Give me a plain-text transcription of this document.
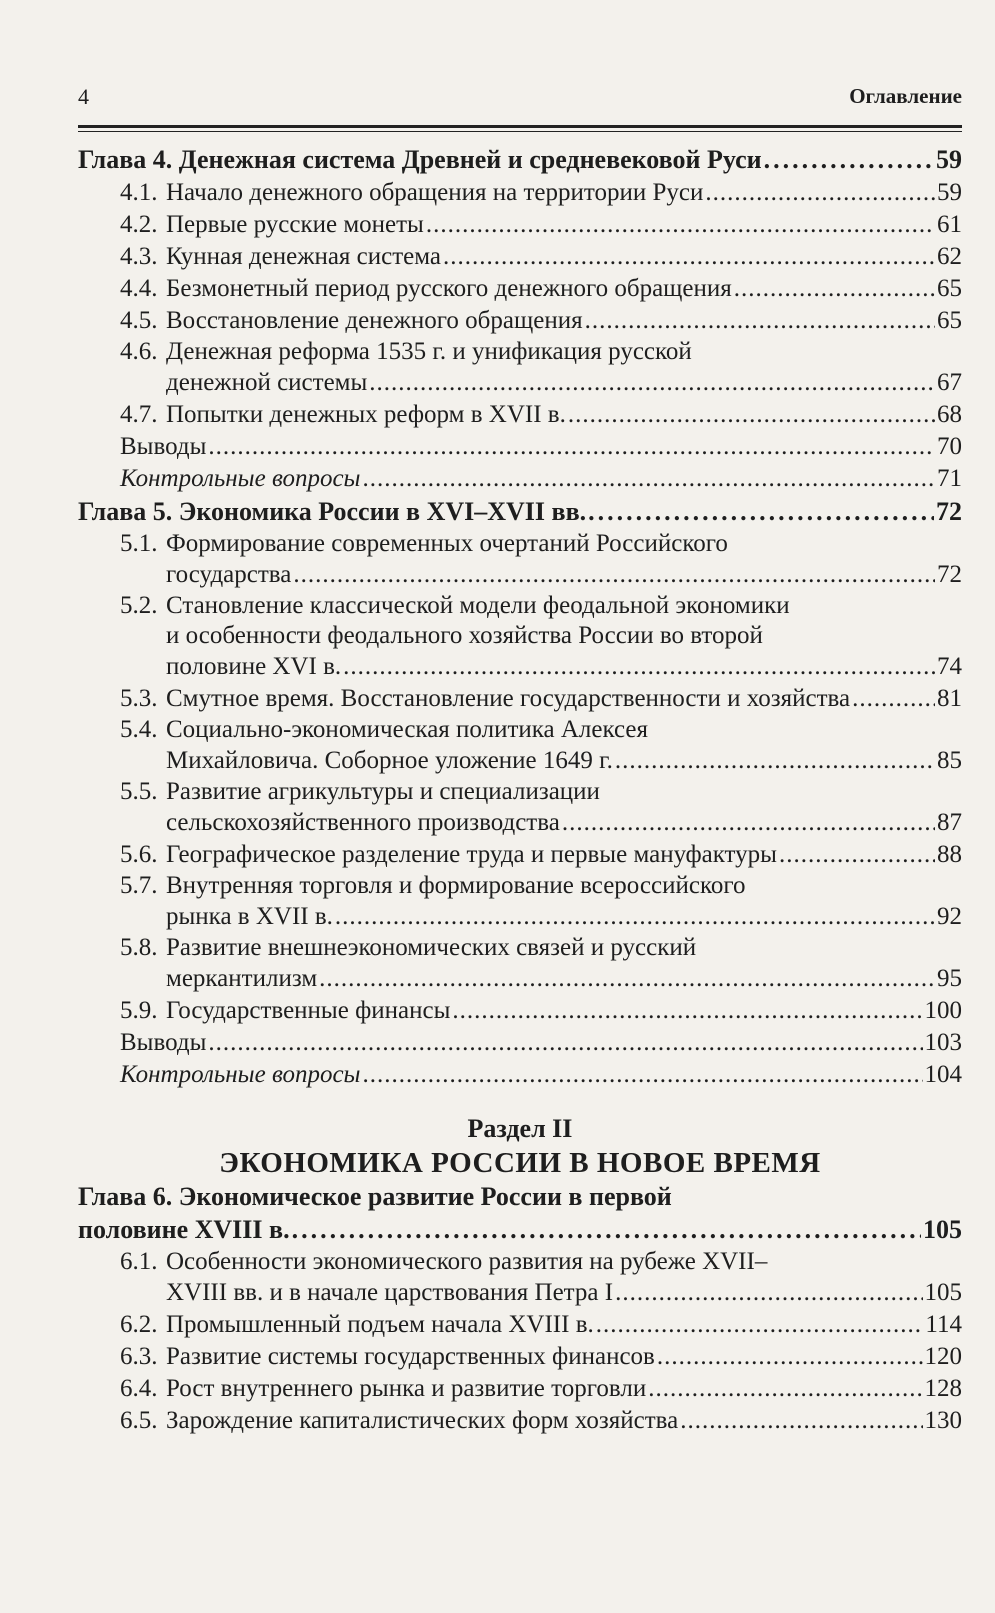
4	Оглавление
Глава 4. Денежная система Древней и средневековой Руси .....	59
4.1. Начало денежного обращения на территории Руси .....	59
4.2. Первые русские монеты .....	61
4.3. Кунная денежная система .....	62
4.4. Безмонетный период русского денежного обращения .....	65
4.5. Восстановление денежного обращения .....	65
4.6. Денежная реформа 1535 г. и унификация русской
денежной системы .....	67
4.7. Попытки денежных реформ в XVII в. .....	68
Выводы .....	70
Контрольные вопросы .....	71
Глава 5. Экономика России в XVI–XVII вв. .....	72
5.1. Формирование современных очертаний Российского
государства .....	72
5.2. Становление классической модели феодальной экономики
и особенности феодального хозяйства России во второй
половине XVI в. .....	74
5.3. Смутное время. Восстановление государственности и хозяйства .....	81
5.4. Социально-экономическая политика Алексея
Михайловича. Соборное уложение 1649 г. .....	85
5.5. Развитие агрикультуры и специализации
сельскохозяйственного производства .....	87
5.6. Географическое разделение труда и первые мануфактуры .....	88
5.7. Внутренняя торговля и формирование всероссийского
рынка в XVII в. .....	92
5.8. Развитие внешнеэкономических связей и русский
меркантилизм .....	95
5.9. Государственные финансы .....	100
Выводы .....	103
Контрольные вопросы .....	104
Раздел II
ЭКОНОМИКА РОССИИ В НОВОЕ ВРЕМЯ
Глава 6. Экономическое развитие России в первой
половине XVIII в. .....	105
6.1. Особенности экономического развития на рубеже XVII–
XVIII вв. и в начале царствования Петра I .....	105
6.2. Промышленный подъем начала XVIII в. .....	114
6.3. Развитие системы государственных финансов .....	120
6.4. Рост внутреннего рынка и развитие торговли .....	128
6.5. Зарождение капиталистических форм хозяйства .....	130
